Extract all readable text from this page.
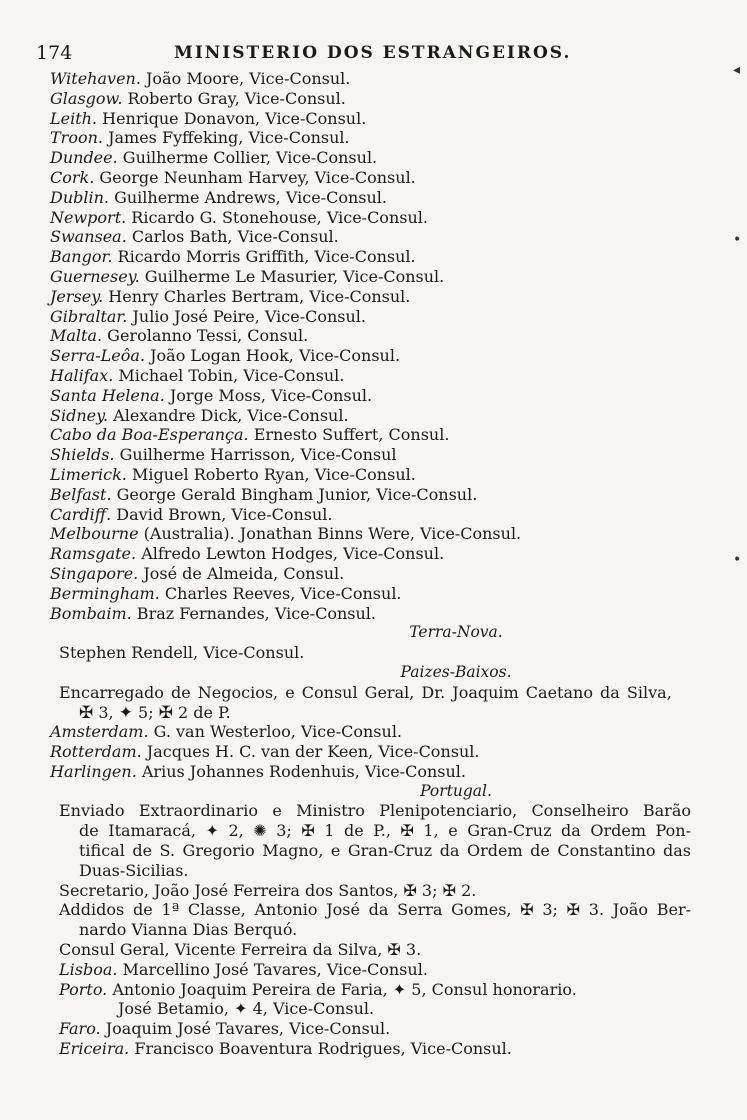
174	MINISTERIO DOS ESTRANGEIROS.
Witehaven. João Moore, Vice-Consul.
Glasgow. Roberto Gray, Vice-Consul.
Leith. Henrique Donavon, Vice-Consul.
Troon. James Fyffeking, Vice-Consul.
Dundee. Guilherme Collier, Vice-Consul.
Cork. George Neunham Harvey, Vice-Consul.
Dublin. Guilherme Andrews, Vice-Consul.
Newport. Ricardo G. Stonehouse, Vice-Consul.
Swansea. Carlos Bath, Vice-Consul.
Bangor. Ricardo Morris Griffith, Vice-Consul.
Guernesey. Guilherme Le Masurier, Vice-Consul.
Jersey. Henry Charles Bertram, Vice-Consul.
Gibraltar. Julio José Peire, Vice-Consul.
Malta. Gerolanno Tessi, Consul.
Serra-Leôa. João Logan Hook, Vice-Consul.
Halifax. Michael Tobin, Vice-Consul.
Santa Helena. Jorge Moss, Vice-Consul.
Sidney. Alexandre Dick, Vice-Consul.
Cabo da Boa-Esperança. Ernesto Suffert, Consul.
Shields. Guilherme Harrisson, Vice-Consul
Limerick. Miguel Roberto Ryan, Vice-Consul.
Belfast. George Gerald Bingham Junior, Vice-Consul.
Cardiff. David Brown, Vice-Consul.
Melbourne (Australia). Jonathan Binns Were, Vice-Consul.
Ramsgate. Alfredo Lewton Hodges, Vice-Consul.
Singapore. José de Almeida, Consul.
Bermingham. Charles Reeves, Vice-Consul.
Bombaim. Braz Fernandes, Vice-Consul.
Terra-Nova.
Stephen Rendell, Vice-Consul.
Paizes-Baixos.
Encarregado de Negocios, e Consul Geral, Dr. Joaquim Caetano da Silva,
✠ 3, ✦ 5; ✠ 2 de P.
Amsterdam. G. van Westerloo, Vice-Consul.
Rotterdam. Jacques H. C. van der Keen, Vice-Consul.
Harlingen. Arius Johannes Rodenhuis, Vice-Consul.
Portugal.
Enviado Extraordinario e Ministro Plenipotenciario, Conselheiro Barão
de Itamaracá, ✦ 2, ✺ 3; ✠ 1 de P., ✠ 1, e Gran-Cruz da Ordem Pon-
tifical de S. Gregorio Magno, e Gran-Cruz da Ordem de Constantino das
Duas-Sicilias.
Secretario, João José Ferreira dos Santos, ✠ 3; ✠ 2.
Addidos de 1ª Classe, Antonio José da Serra Gomes, ✠ 3; ✠ 3. João Ber-
nardo Vianna Dias Berquó.
Consul Geral, Vicente Ferreira da Silva, ✠ 3.
Lisboa. Marcellino José Tavares, Vice-Consul.
Porto. Antonio Joaquim Pereira de Faria, ✦ 5, Consul honorario.
José Betamio, ✦ 4, Vice-Consul.
Faro. Joaquim José Tavares, Vice-Consul.
Ericeira. Francisco Boaventura Rodrigues, Vice-Consul.
◂
•
•
